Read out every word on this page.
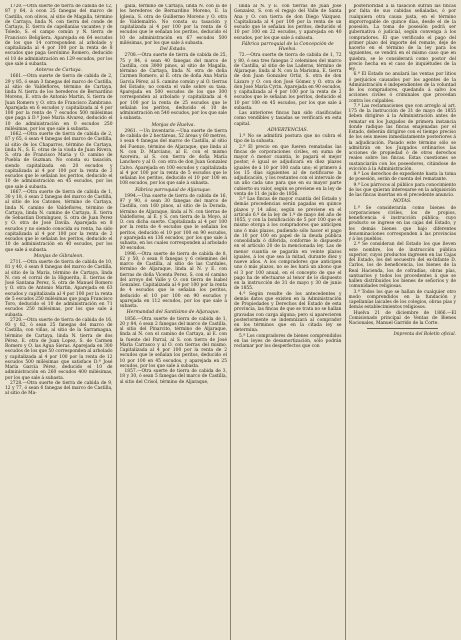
1720.—Otra suerte de tierra de cabida de 12, 87 y 64, á ocon 25 fanegas del marco de Castilla, con olivos, al sitio de Magalla, término de Carraya, linda N. con tierra del conde de Cartaya, E. tierra de capellanías vacantes y de Toledo, S. el campo común y N. tierra de Francisco Beligüera. Aparejada en 64 escudos de los que 14 corresponden al arbolado y capitalizada al 4 por 100 por la renta de 8 escudos que paga Gerónimo Romero, deducido el 10 de administración en 129 escudos, por los que sale á subasta.

Anteros de Cartaya.

1661.—Otra suerte de tierra de cabida de 2, 29 y 85, ó sean 3 fanegas del marco de Castilla, al sitio de Valdeflores, término de Cartaya, linda N. tierra de los herederos de Bernardino Moreno, E. otra de Antonio Martin, S. tierra de Juan Romero y O. otra de Francisco Zambrano. Aparejada en 6 escudos y capitalizada al 4 por 100 por la renta de 7 escudos 500 milésimas que paga á D.ª José María Alvarez, deducido el 10 de administración en 0 escudos 250 milésimas, por los que sale á subasta.

1662.—Otra suerte de tierra de cabida de 2, 87 y 65, ó sean 4 fanegas del marco de Castilla, al sitio de los Chaparros, término de Cartaya, linda N., S. E. otras de la viuda de Juan Rivera, S. otra de Francisco Maria y O. camino de Puebla de Guzman. No consta su tasación, siendo capitalizada en 20 escudos y capitalizada al 4 por 100 por la renta de 2 escudos que le señalan los peritos, deducido el 10 de administración en 45 escudos, por los que sale á subasta.

1667.—Otra suerte de tierra de cabida de 1, 30 y 18, ó sean 2 fanegas del marco de Castilla, al sitio de los Catones, término de Cartaya, linda N. camino de Valdeflores, término de Cartaya, linda N. camino de Cartaya, E. tierra de Sebastian Domínguez, S. otra de Juan Perez y O. otra de José Davila. Aparejada en 8 escudos y no siendo conocida su renta, ha sido capitalizada al 4 por 100 por la renta de 2 escudos que le señalan los peritos, deducido el 10 de administración en 40 escudos, por los que sale á subasta.

Monjas de Gibraleon.

2711.—Otra suerte de tierra de cabida de 10, 81 y 40, ó sean 8 fanegas del marco de Castilla, al sitio de la Maria, término de Cartaya, linda N. con el corral de la Higuerita, E. tierras de José Santana Perez, S. otra de Manuel Romero y O. otra de Antonio Martin. Aparejada en 63 escudos y capitalizada al 4 por 100 por la renta de 5 escudos 250 milésimas que paga Francisco Toro, deducido el 10 de administración en 71 escudos 250 milésimas, por los que sale á subasta.

2720.—Otra suerte de tierra de cabida de 16, 93 y 82, ó sean 25 fanegas del marco de Castilla, con viñas, al sitio de la Sarramagua, término de Cartaya, linda N. tierra de dos Pérez, E. otra de Juan Lopez, S. de Carmen Romero y O. las Agua Sieras. Aparejada en 300 escudos de los que 50 corresponden al arbolado y capitalizada al 4 por 100 por la renta de 12 escudos 500 milésimas que satisface D.ª José María García Pérez, deducido el 10 de administración en 260 escudos 400 milésimas, por los que sale á subasta.

2728.—Otra suerte de tierra de cabida de 9, 12 y 77, ó sean 6 fanegas del marco de Castilla, al sitio de Ma-

galla, término de Cartaya, linda N. con la de los herederos de Bernardino Moreno, E. la Iglesia, S. otra de Guillermo Moreno y O. otra de Valdemalrío. No consta su tasación y capitalizada al 4 por 100 por la renta de 6 escudos que le señalan los peritos, deducido el 10 de administración en 67 escudos 500 milésimas, por los que sale á subasta.

Del Estado.

2708.—Otra suerte de tierra de cabida de 25, 75 y 84, ó sean 40 fanegas del marco de Castilla, con 3000 pinos, al sitio de Magalla, término de Cartaya, linda N. otra de doña Carmen Romero, al E. otra de doña Ana María García Pérez, al S. camino común y al O. tierras del Estado; no consta el valle sobre su tasa. Aparejada en 500 escudos de los que 300 corresponden al arbolado y capitalizada al 4 por 100 por la renta de 25 escudos que le señalan los peritos, deducido el 10 de administración en 540 escudos, por los que sale á subasta.

Monjas de Huelva.

2961. —Un inventario.—Una suerte de tierra de cabida de 2 hectáreas, 52 áreas y 60 metros, ó sean 4 fanegas del marco de Castilla, al sitio del Fuenzo, término de Aljaraque, que linda al N. con D. Marciano, al E. con el mismo Azoreira, al S. con tierra de doña María Lanchero y al O. con otra de don Juan Gonzalez Calvo. Aparejada en 100 escudos y capitalizada al 4 por 100 por la renta de 5 escudos que le señalan los peritos, deducido el 10 por 100 en 108 escudos, por los que sale á subasta.

Fábrica parroquial de Aljaraque.

1994.—Una suerte de tierra de cabida de 16, 97 y 90, ó sean 30 fanegas del marco de Castilla, con 160 pinos, al sitio de la Dorada, término de Aljaraque, linda al N. con tierras de Valdeflores, al E. y S. con tierra de la Moyo, al O. con dicha suerte. Capitalizada al 4 por 100 por la renta de 4 escudos que le señalan los peritos, deducido el 10 por 100 en 90 escudos, y aparejada en 136 escudos, por los que sale á subasta, en los cuales corresponden al arbolado 30 escudos.

1996.—Otra suerte de tierra de cabida de 8, 62 y 50, ó sean 8 fanegas y 6 celemines del marco de Castilla, al sitio de las Cardales, término de Aljaraque, linda al N. y E. con tierras de doña Vicenta Perez, S. con el camino del arroyo del Valle y O. con tierra de Isabel Gonzalez. Capitalizada al 4 por 100 por la renta de 4 escudos que le señalan los peritos, deducido el 10 por 100 en 90 escudos y aparejada en 112 escudos, por los que sale á subasta.

Hermandad del Santísimo de Aljaraque.

1856.—Otra suerte de tierra de cabida de 1, 20 y 84, ó sean 2 fanegas del marco de Castilla, al sitio del Pinarcito, término de Aljaraque, linda al N. con el camino de Cartaya, al E. con la fuente del Parral, al S. con tierra de José María Carrasco y al O. con tierras del mismo. Capitalizada al 4 por 100 por la renta de 2 escudos que le señalan los peritos, deducido el 10 por 100 en 45 escudos, y aparejada en 25 escudos, por los que sale á subasta.

1857.—Otra suerte de tierra de cabida de 3, 18 y 30, ó sean 5 fanegas del marco de Castilla, al sitio del Crisol, término de Aljaraque,

linda al N. y E. con tierras de Juan José Gonzalez, S. con el regajo del Valle de Santa Ana y O. con tierra de don Diego Vázquez. Capitalizada al 4 por 100 por la renta de un escudo que le señalan los peritos, deducido el 10 por 100 en 22 escudos, y aparejada en 40 escudos, por los que sale á subasta.

Fábrica parroquial de la Concepción de Huelva.

72.—Otra suerte de tierra de cabida de 1, 72 y 80, ó sea tres fanegas 2 celemines del marco de Castilla, al sitio de las Laderas, término de Aljaraque, linda al N. con la Marisma, E. tierra de don Juan Gonzalez Ortiz, S. otra de don Lázaro y O. con don José Gómez y O. otra de don José María Cyrin. Aparejada en 90 escudos, y capitalizada al 4 por 100 por la renta de 2 escudos que le señalan los peritos, deducido el 10 por 100 en 45 escudos, por los que sale á subasta.

Las anteriores fincas han sido clasificadas como vendibles y tasadas se verificará en esta capital.

ADVERTENCIAS.

1.ª No se admitirá postura que no cubra el tipo de la subasta.

2.ª El precio en que fueren rematadas las fincas de corporaciones civiles, en suma de mayor ó menor cuantía, lo pagará el mejor postor, é igual se adjudicará en diez plazos iguales de á 10 por 100 cada uno; el primero á los 15 días siguientes al de notificarse la adjudicación, y los restantes con el intervalo de un año cada uno para que en su mayor parte cubierto su valor, según se previene en la ley de venta de 11 de julio de 1856.

3.ª Las fincas de mayor cuantía del Estado y demás procedencias serán pagadas en quince plazos y 14 años, según se previene en el artículo 6.º de la ley de 1.º de mayo del año de 1855, y con la bonificación de 5 por 100 que el mismo otorga á los compradores que anticipen uno ó más plazos, pudiendo sólo hacer el pago de 10 por 100 en papel de la deuda pública consolidada ó diferida, conforme lo dispuesto en el artículo 20 de la mencionada ley. Las de menor cuantía se pagarán en veinte plazos iguales, á los que sea la mitad, durante diez y nueve años. A los compradores que anticipen uno ó más plazos, no se les hará un abono que el 3 por 100 anual, en el concepto de que el pago ha de efectuarse al tenor de lo dispuesto en la instrucción de 31 de mayo y 30 de junio de 1855.

4.ª Según resulte de los antecedentes y demás datos que existen en la Administración de Propiedades y Derechos del Estado de esta provincia, las fincas de que se trata no se hallan gravadas con carga alguna; pero si aparecieren posteriormente se indemnizará al comprador en los términos que en la citada ley se determina.

5.ª Los compradores de bienes comprendidos en las leyes de desamortización, sólo podrán reclamar por los desperfectos que con

posterioridad á la tasación sufran las fincas por falta de sus cabidas señaladas, ó por cualquiera otra causa justa, en el término improrrogable de quince días, desde el de la posesión. La toma de posesión podrá ser gubernativa ó judicial, según convenga á los compradores. El que verificado el pago del primer plazo del importe del remate, deje de hacerlo en el término de la ley para los siguientes, se vendrá en el mismo caso que en quiebra, se le considerará como postor del precio hecha en el caso de inquiétudes de la ley.

6.ª El Estado no anulará las ventas por litios ó perjuicios causados por los agentes de la Administración é independientes de la voluntad de los compradores, quedando á salvo los acciones civiles ó criminales que procedan contra los culpables.

7.ª Las reclamaciones que con arreglo al art. 175 de la instrucción de 31 de mayo de 1855 deben dirigirse á la Administración antes de rematar en los Juzgados de primera instancia donde radique las fincas enajenadas por el Estado, deberán dirigirse con el tiempo preciso de los seis meses inmediatamente posteriores á la adjudicación. Pasado este término sólo se admitirán en los Juzgados ordinarios las acciones de propiedad ó de otros derechos reales sobre los fincas. Estas cuestiones se sustanciarán con los poseedores, citándose de evicción á la Administración.

8.ª Los derechos de expediente hasta la toma de posesión, serán de cuenta del rematante.

9.ª Los párrocos al público para conocimiento de los que quieran interesarse en la adquisición de las fincas insertas en el precedente anuncio.

NOTAS.

1.ª Se considerarán como bienes de corporaciones civiles, los de propios, beneficencia é instrucción pública; cuyo producto se ingrese en las cajas del Estado, y los demás bienes que bajo diferentes denominaciones corresponden á las provincias y á los pueblos.

2.ª Se consideran del Estado los que lleven este nombre, los de instrucción pública superior, cuyos productos ingresen en las Cajas del Estado, los del secuestro del ex-Infante D. Carlos, los de beneficencia, los bienes de la Real Hacienda, los de cofradías, obras pías, santuarios y todos los procedentes á que se hallen distribuidos los bienes de señoríos y de comunidades religiosas.

3.ª Todos los que se hallan de cualquier otro modo comprendidos en la fundación y capellanías laicales de los colegios, obras pías y demás establecimientos religiosos.

Huelva 21 de diciembre de 1866.—El Comisionado principal de Ventas de Bienes Nacionales, Manuel Garrido de la Corte.

Imprenta del Boletín oficial.
